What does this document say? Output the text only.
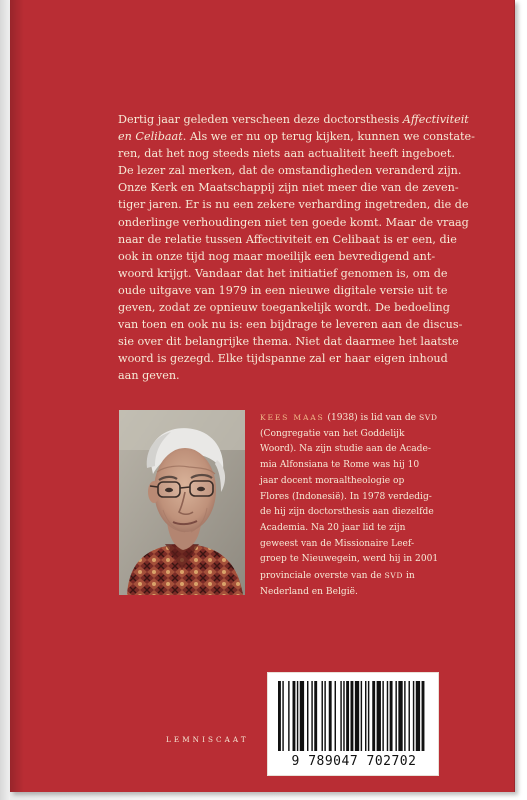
Dertig jaar geleden verscheen deze doctorsthesis Affectiviteit
en Celibaat. Als we er nu op terug kijken, kunnen we constate-
ren, dat het nog steeds niets aan actualiteit heeft ingeboet.
De lezer zal merken, dat de omstandigheden veranderd zijn.
Onze Kerk en Maatschappij zijn niet meer die van de zeven-
tiger jaren. Er is nu een zekere verharding ingetreden, die de
onderlinge verhoudingen niet ten goede komt. Maar de vraag
naar de relatie tussen Affectiviteit en Celibaat is er een, die
ook in onze tijd nog maar moeilijk een bevredigend ant-
woord krijgt. Vandaar dat het initiatief genomen is, om de
oude uitgave van 1979 in een nieuwe digitale versie uit te
geven, zodat ze opnieuw toegankelijk wordt. De bedoeling
van toen en ook nu is: een bijdrage te leveren aan de discus-
sie over dit belangrijke thema. Niet dat daarmee het laatste
woord is gezegd. Elke tijdspanne zal er haar eigen inhoud
aan geven.

KEES MAAS (1938) is lid van de SVD
(Congregatie van het Goddelijk
Woord). Na zijn studie aan de Acade-
mia Alfonsiana te Rome was hij 10
jaar docent moraaltheologie op
Flores (Indonesië). In 1978 verdedig-
de hij zijn doctorsthesis aan diezelfde
Academia. Na 20 jaar lid te zijn
geweest van de Missionaire Leef-
groep te Nieuwegein, werd hij in 2001
provinciale overste van de SVD in
Nederland en België.

LEMNISCAAT
9 789047 702702
